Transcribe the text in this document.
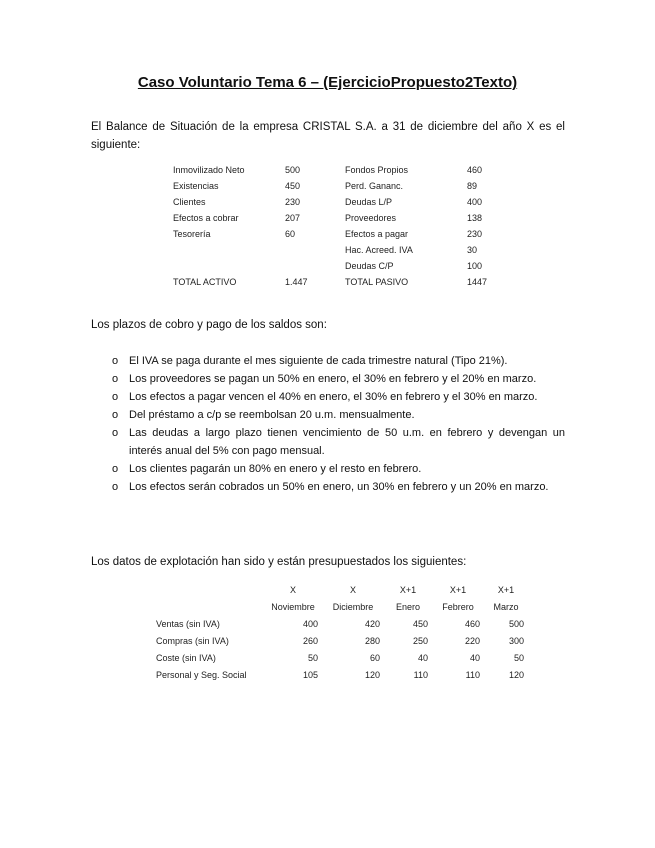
Caso Voluntario Tema 6 – (EjercicioPropuesto2Texto)
El Balance de Situación de la empresa CRISTAL S.A. a 31 de diciembre del año X es el siguiente:
Inmovilizado Neto	500	Fondos Propios	460
Existencias	450	Perd. Gananc.	89
Clientes	230	Deudas L/P	400
Efectos a cobrar	207	Proveedores	138
Tesorería	60	Efectos a pagar	230
		Hac. Acreed. IVA	30
		Deudas C/P	100
TOTAL ACTIVO	1.447	TOTAL PASIVO	1447
Los plazos de cobro y pago de los saldos son:
o El IVA se paga durante el mes siguiente de cada trimestre natural (Tipo 21%).
o Los proveedores se pagan un 50% en enero, el 30% en febrero y el 20% en marzo.
o Los efectos a pagar vencen el 40% en enero, el 30% en febrero y el 30% en marzo.
o Del préstamo a c/p se reembolsan 20 u.m. mensualmente.
o Las deudas a largo plazo tienen vencimiento de 50 u.m. en febrero y devengan un interés anual del 5% con pago mensual.
o Los clientes pagarán un 80% en enero y el resto en febrero.
o Los efectos serán cobrados un 50% en enero, un 30% en febrero y un 20% en marzo.
Los datos de explotación han sido y están presupuestados los siguientes:
	X	X	X+1	X+1	X+1
	Noviembre	Diciembre	Enero	Febrero	Marzo
Ventas (sin IVA)	400	420	450	460	500
Compras (sin IVA)	260	280	250	220	300
Coste (sin IVA)	50	60	40	40	50
Personal y Seg. Social	105	120	110	110	120
